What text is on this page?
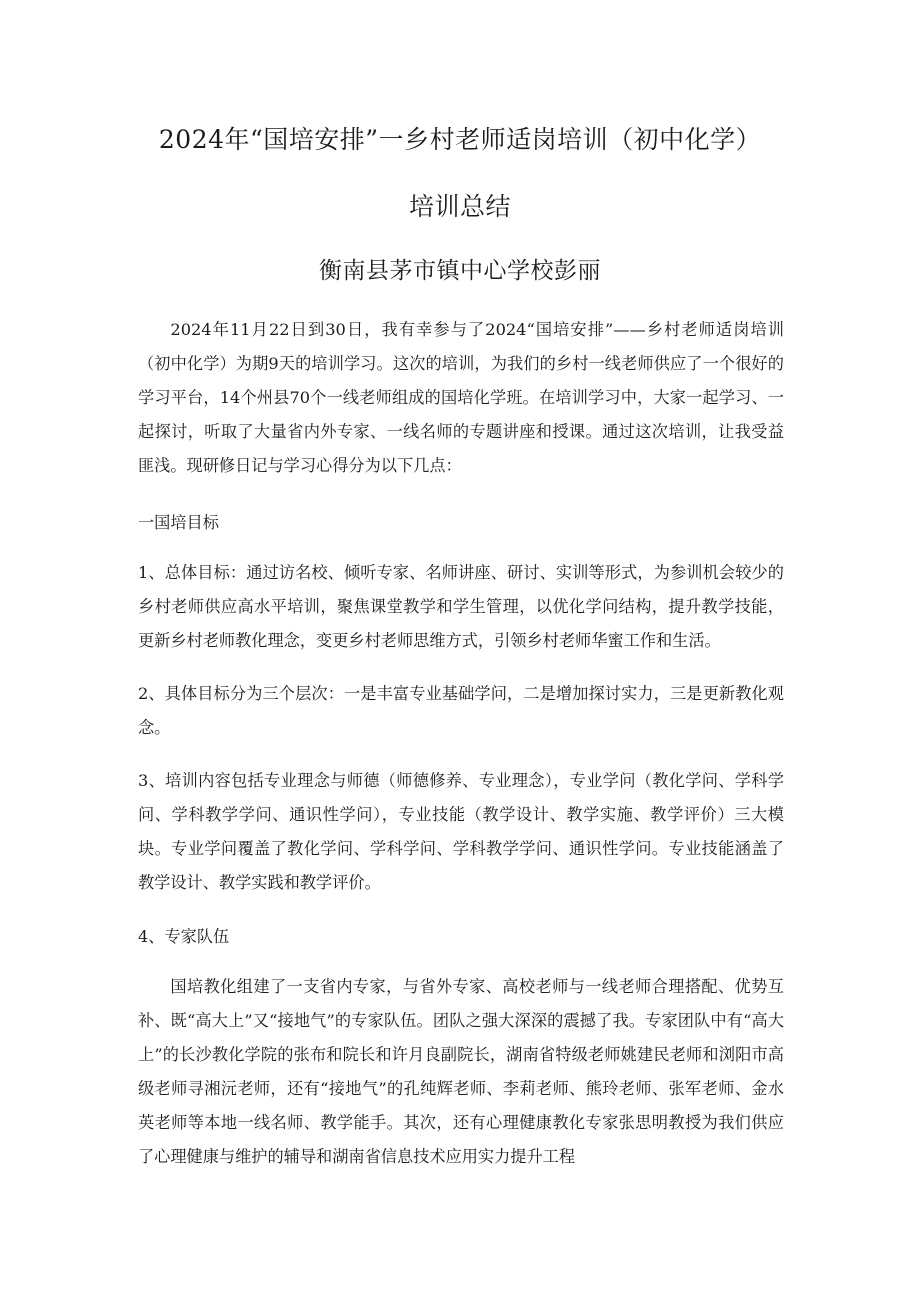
2024年“国培安排”一乡村老师适岗培训（初中化学）
培训总结
衡南县茅市镇中心学校彭丽
2024年11月22日到30日，我有幸参与了2024“国培安排”——乡村老师适岗培训（初中化学）为期9天的培训学习。这次的培训，为我们的乡村一线老师供应了一个很好的学习平台，14个州县70个一线老师组成的国培化学班。在培训学习中，大家一起学习、一起探讨，听取了大量省内外专家、一线名师的专题讲座和授课。通过这次培训，让我受益匪浅。现研修日记与学习心得分为以下几点：
一国培目标
1、总体目标：通过访名校、倾听专家、名师讲座、研讨、实训等形式，为参训机会较少的乡村老师供应高水平培训，聚焦课堂教学和学生管理，以优化学问结构，提升教学技能，更新乡村老师教化理念，变更乡村老师思维方式，引领乡村老师华蜜工作和生活。
2、具体目标分为三个层次：一是丰富专业基础学问，二是增加探讨实力，三是更新教化观念。
3、培训内容包括专业理念与师德（师德修养、专业理念），专业学问（教化学问、学科学问、学科教学学问、通识性学问），专业技能（教学设计、教学实施、教学评价）三大模块。专业学问覆盖了教化学问、学科学问、学科教学学问、通识性学问。专业技能涵盖了教学设计、教学实践和教学评价。
4、专家队伍
国培教化组建了一支省内专家，与省外专家、高校老师与一线老师合理搭配、优势互补、既“高大上”又“接地气”的专家队伍。团队之强大深深的震撼了我。专家团队中有“高大上”的长沙教化学院的张布和院长和许月良副院长，湖南省特级老师姚建民老师和浏阳市高级老师寻湘沅老师，还有“接地气”的孔纯辉老师、李莉老师、熊玲老师、张军老师、金水英老师等本地一线名师、教学能手。其次，还有心理健康教化专家张思明教授为我们供应了心理健康与维护的辅导和湖南省信息技术应用实力提升工程
